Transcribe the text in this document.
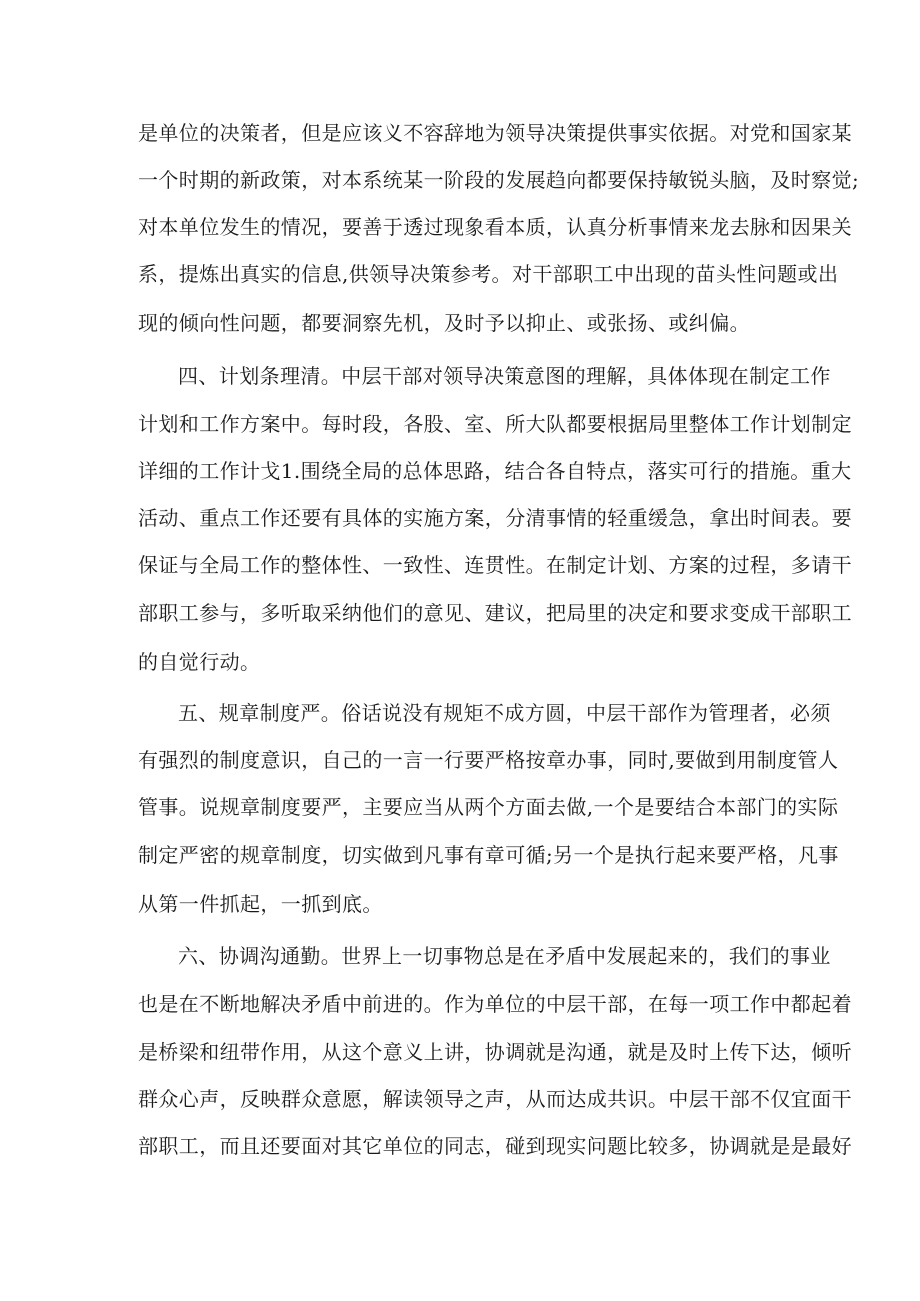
是单位的决策者，但是应该义不容辞地为领导决策提供事实依据。对党和国家某
一个时期的新政策，对本系统某一阶段的发展趋向都要保持敏锐头脑，及时察觉;
对本单位发生的情况，要善于透过现象看本质，认真分析事情来龙去脉和因果关
系，提炼出真实的信息,供领导决策参考。对干部职工中出现的苗头性问题或出
现的倾向性问题，都要洞察先机，及时予以抑止、或张扬、或纠偏。
四、计划条理清。中层干部对领导决策意图的理解，具体体现在制定工作
计划和工作方案中。每时段，各股、室、所大队都要根据局里整体工作计划制定
详细的工作计戈1.围绕全局的总体思路，结合各自特点，落实可行的措施。重大
活动、重点工作还要有具体的实施方案，分清事情的轻重缓急，拿出时间表。要
保证与全局工作的整体性、一致性、连贯性。在制定计划、方案的过程，多请干
部职工参与，多听取采纳他们的意见、建议，把局里的决定和要求变成干部职工
的自觉行动。
五、规章制度严。俗话说没有规矩不成方圆，中层干部作为管理者，必须
有强烈的制度意识，自己的一言一行要严格按章办事，同时,要做到用制度管人
管事。说规章制度要严，主要应当从两个方面去做,一个是要结合本部门的实际
制定严密的规章制度，切实做到凡事有章可循;另一个是执行起来要严格，凡事
从第一件抓起，一抓到底。
六、协调沟通勤。世界上一切事物总是在矛盾中发展起来的，我们的事业
也是在不断地解决矛盾中前进的。作为单位的中层干部，在每一项工作中都起着
是桥梁和纽带作用，从这个意义上讲，协调就是沟通，就是及时上传下达，倾听
群众心声，反映群众意愿，解读领导之声，从而达成共识。中层干部不仅宜面干
部职工，而且还要面对其它单位的同志，碰到现实问题比较多，协调就是是最好
